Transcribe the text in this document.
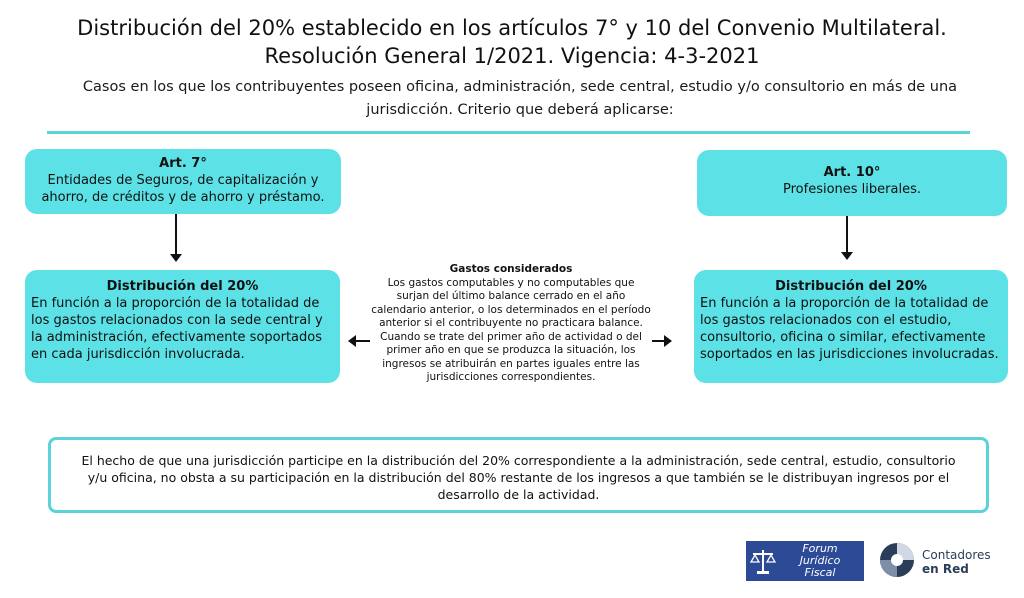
Distribución del 20% establecido en los artículos 7° y 10 del Convenio Multilateral.
Resolución General 1/2021. Vigencia: 4-3-2021
Casos en los que los contribuyentes poseen oficina, administración, sede central, estudio y/o consultorio en más de una jurisdicción. Criterio que deberá aplicarse:
Art. 7°
Entidades de Seguros, de capitalización y ahorro, de créditos y de ahorro y préstamo.
Art. 10°
Profesiones liberales.
Distribución del 20%
En función a la proporción de la totalidad de los gastos relacionados con la sede central y la administración, efectivamente soportados en cada jurisdicción involucrada.
Distribución del 20%
En función a la proporción de la totalidad de los gastos relacionados con el estudio, consultorio, oficina o similar, efectivamente soportados en las jurisdicciones involucradas.
Gastos considerados
Los gastos computables y no computables que surjan del último balance cerrado en el año calendario anterior, o los determinados en el período anterior si el contribuyente no practicara balance.
Cuando se trate del primer año de actividad o del primer año en que se produzca la situación, los ingresos se atribuirán en partes iguales entre las jurisdicciones correspondientes.
El hecho de que una jurisdicción participe en la distribución del 20% correspondiente a la administración, sede central, estudio, consultorio y/u oficina, no obsta a su participación en la distribución del 80% restante de los ingresos a que también se le distribuyan ingresos por el desarrollo de la actividad.
Forum
Jurídico
Fiscal
Contadores
en Red
